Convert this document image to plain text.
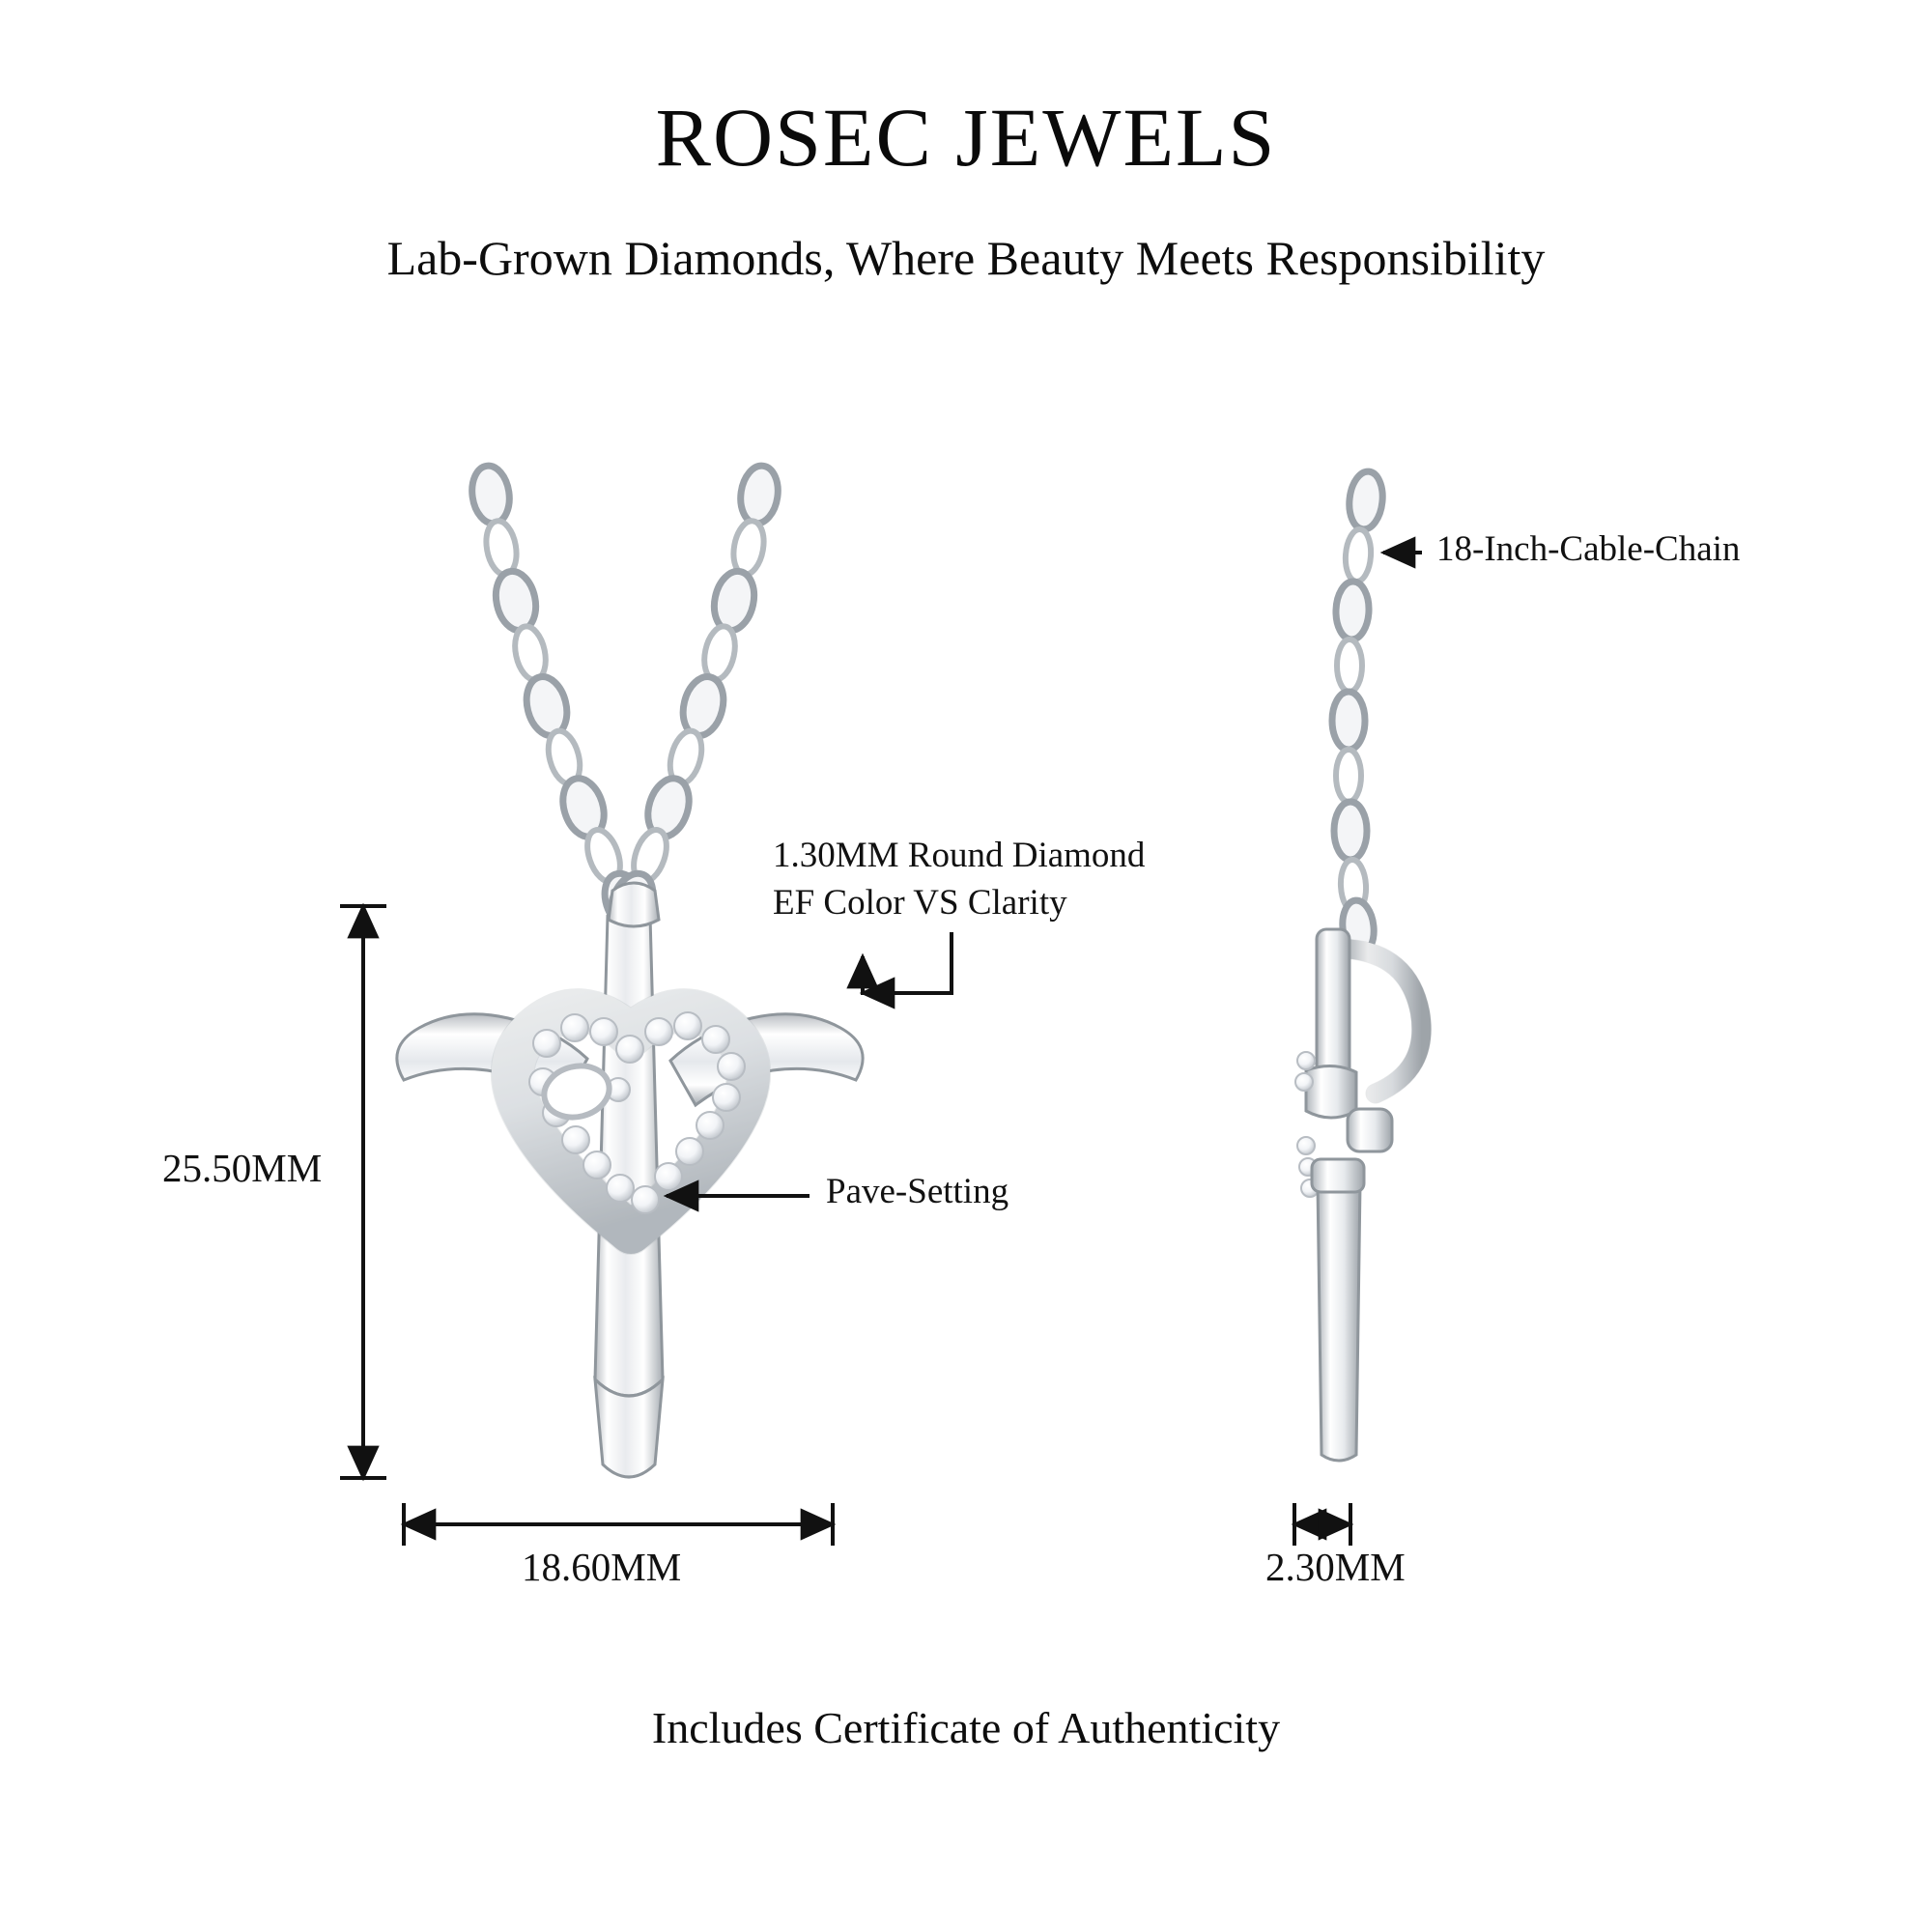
ROSEC JEWELS
Lab-Grown Diamonds, Where Beauty Meets Responsibility
1.30MM Round Diamond
EF Color VS Clarity
Pave-Setting
18-Inch-Cable-Chain
25.50MM
18.60MM	2.30MM
Includes Certificate of Authenticity
